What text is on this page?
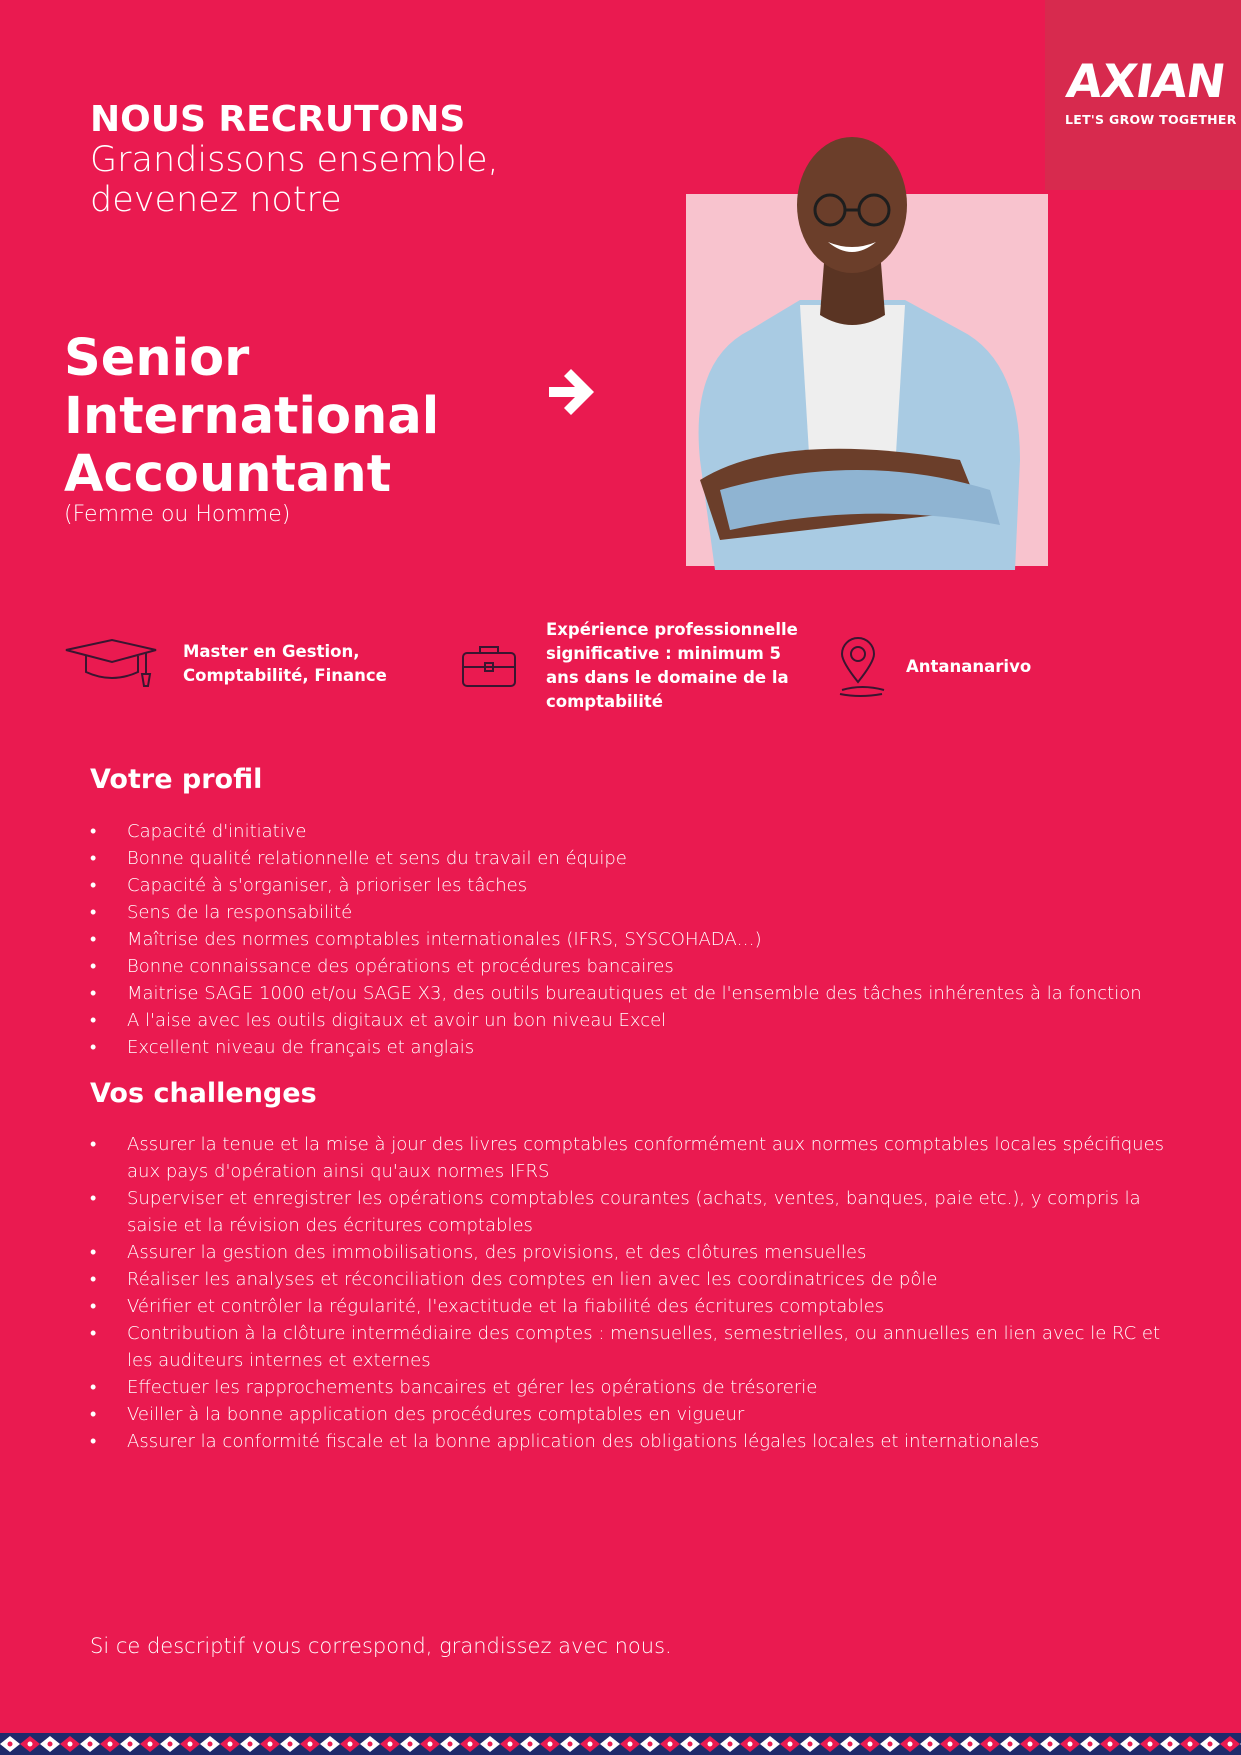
AXIAN
LET'S GROW TOGETHER
NOUS RECRUTONS
Grandissons ensemble, devenez notre
Senior International Accountant
(Femme ou Homme)
Master en Gestion, Comptabilité, Finance
Expérience professionnelle significative : minimum 5 ans dans le domaine de la comptabilité
Antananarivo
Votre profil
• Capacité d'initiative
• Bonne qualité relationnelle et sens du travail en équipe
• Capacité à s'organiser, à prioriser les tâches
• Sens de la responsabilité
• Maîtrise des normes comptables internationales (IFRS, SYSCOHADA…)
• Bonne connaissance des opérations et procédures bancaires
• Maitrise SAGE 1000 et/ou SAGE X3, des outils bureautiques et de l'ensemble des tâches inhérentes à la fonction
• A l'aise avec les outils digitaux et avoir un bon niveau Excel
• Excellent niveau de français et anglais
Vos challenges
• Assurer la tenue et la mise à jour des livres comptables conformément aux normes comptables locales spécifiques aux pays d'opération ainsi qu'aux normes IFRS
• Superviser et enregistrer les opérations comptables courantes (achats, ventes, banques, paie etc.), y compris la saisie et la révision des écritures comptables
• Assurer la gestion des immobilisations, des provisions, et des clôtures mensuelles
• Réaliser les analyses et réconciliation des comptes en lien avec les coordinatrices de pôle
• Vérifier et contrôler la régularité, l'exactitude et la fiabilité des écritures comptables
• Contribution à la clôture intermédiaire des comptes : mensuelles, semestrielles, ou annuelles en lien avec le RC et les auditeurs internes et externes
• Effectuer les rapprochements bancaires et gérer les opérations de trésorerie
• Veiller à la bonne application des procédures comptables en vigueur
• Assurer la conformité fiscale et la bonne application des obligations légales locales et internationales
Si ce descriptif vous correspond, grandissez avec nous.
